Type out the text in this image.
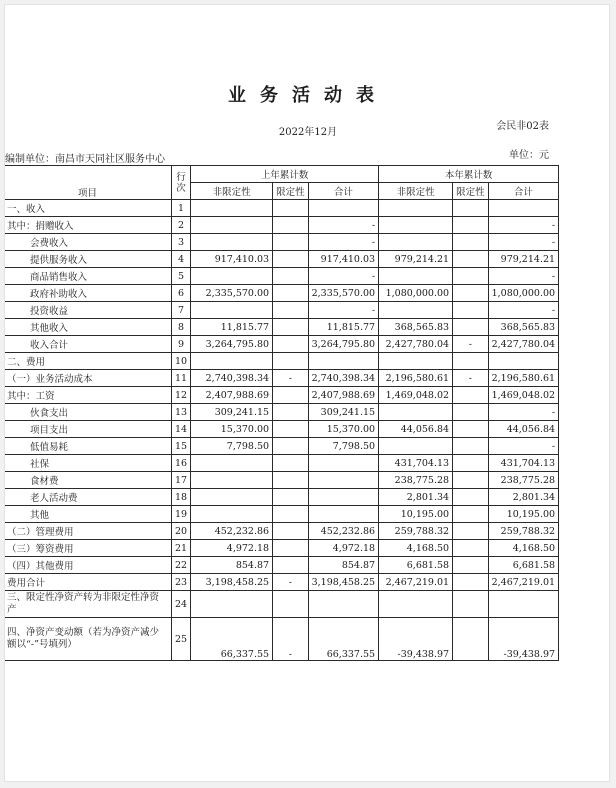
业务活动表
2022年12月
会民非02表
编制单位：南昌市天同社区服务中心	单位：元
项目	行次	上年累计数			本年累计数		
		非限定性	限定性	合计	非限定性	限定性	合计
一、收入	1						
其中：捐赠收入	2			-			-
会费收入	3			-			-
提供服务收入	4	917,410.03		917,410.03	979,214.21		979,214.21
商品销售收入	5			-			-
政府补助收入	6	2,335,570.00		2,335,570.00	1,080,000.00		1,080,000.00
投资收益	7			-			-
其他收入	8	11,815.77		11,815.77	368,565.83		368,565.83
收入合计	9	3,264,795.80		3,264,795.80	2,427,780.04	-	2,427,780.04
二、费用	10						
（一）业务活动成本	11	2,740,398.34	-	2,740,398.34	2,196,580.61	-	2,196,580.61
其中：工资	12	2,407,988.69		2,407,988.69	1,469,048.02		1,469,048.02
伙食支出	13	309,241.15		309,241.15			-
项目支出	14	15,370.00		15,370.00	44,056.84		44,056.84
低值易耗	15	7,798.50		7,798.50			-
社保	16				431,704.13		431,704.13
食材费	17				238,775.28		238,775.28
老人活动费	18				2,801.34		2,801.34
其他	19				10,195.00		10,195.00
（二）管理费用	20	452,232.86		452,232.86	259,788.32		259,788.32
（三）筹资费用	21	4,972.18		4,972.18	4,168.50		4,168.50
（四）其他费用	22	854.87		854.87	6,681.58		6,681.58
费用合计	23	3,198,458.25	-	3,198,458.25	2,467,219.01		2,467,219.01
三、限定性净资产转为非限定性净资产	24						
四、净资产变动额（若为净资产减少额以“-”号填列）	25	66,337.55	-	66,337.55	-39,438.97		-39,438.97
